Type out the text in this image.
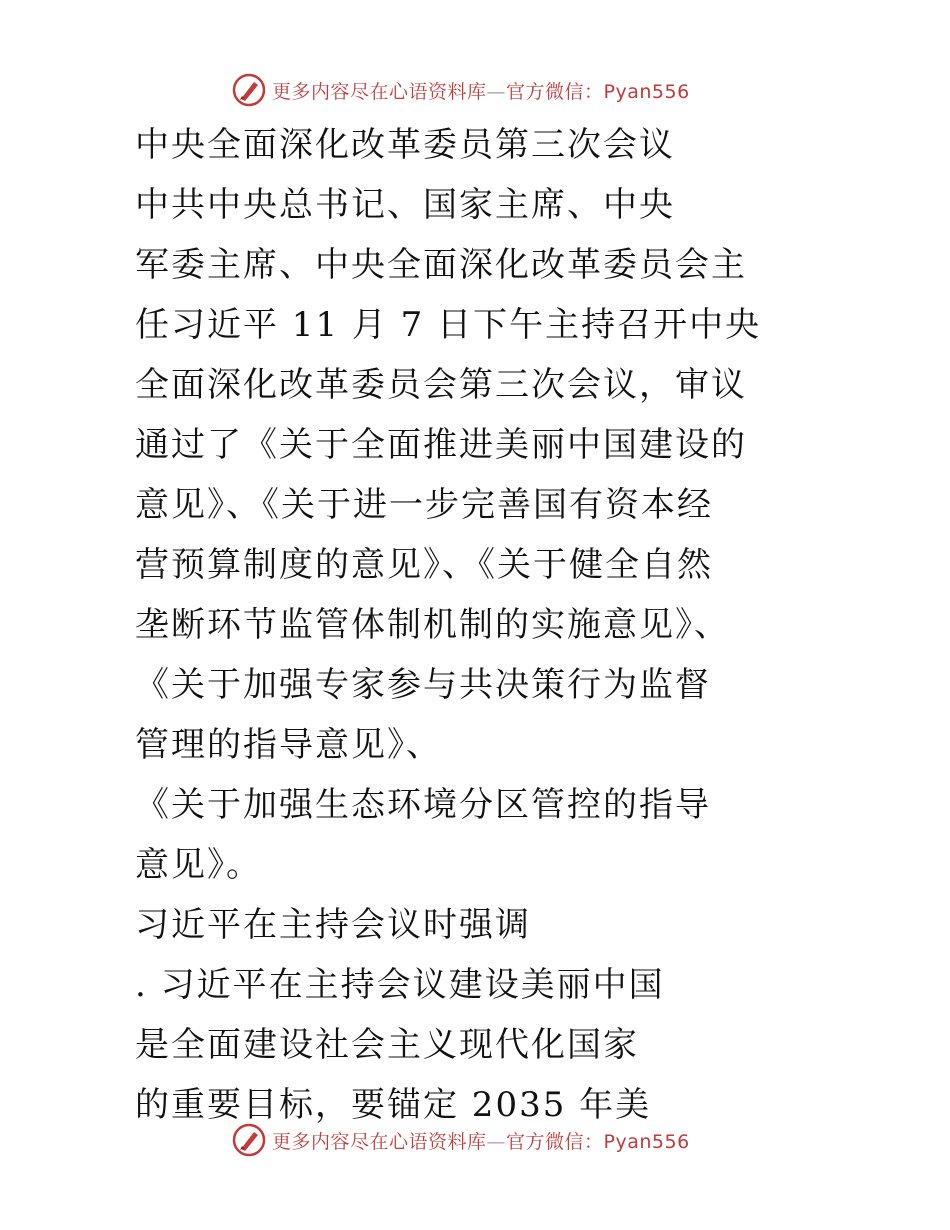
更多内容尽在心语资料库—官方微信：Pyan556
中央全面深化改革委员第三次会议
中共中央总书记、国家主席、中央
军委主席、中央全面深化改革委员会主
任习近平 11 月 7 日下午主持召开中央
全面深化改革委员会第三次会议，审议
通过了《关于全面推进美丽中国建设的
意见》、《关于进一步完善国有资本经
营预算制度的意见》、《关于健全自然
垄断环节监管体制机制的实施意见》、
《关于加强专家参与共决策行为监督
管理的指导意见》、
《关于加强生态环境分区管控的指导
意见》。
习近平在主持会议时强调
. 习近平在主持会议建设美丽中国
是全面建设社会主义现代化国家
的重要目标，要锚定 2035 年美
更多内容尽在心语资料库—官方微信：Pyan556
